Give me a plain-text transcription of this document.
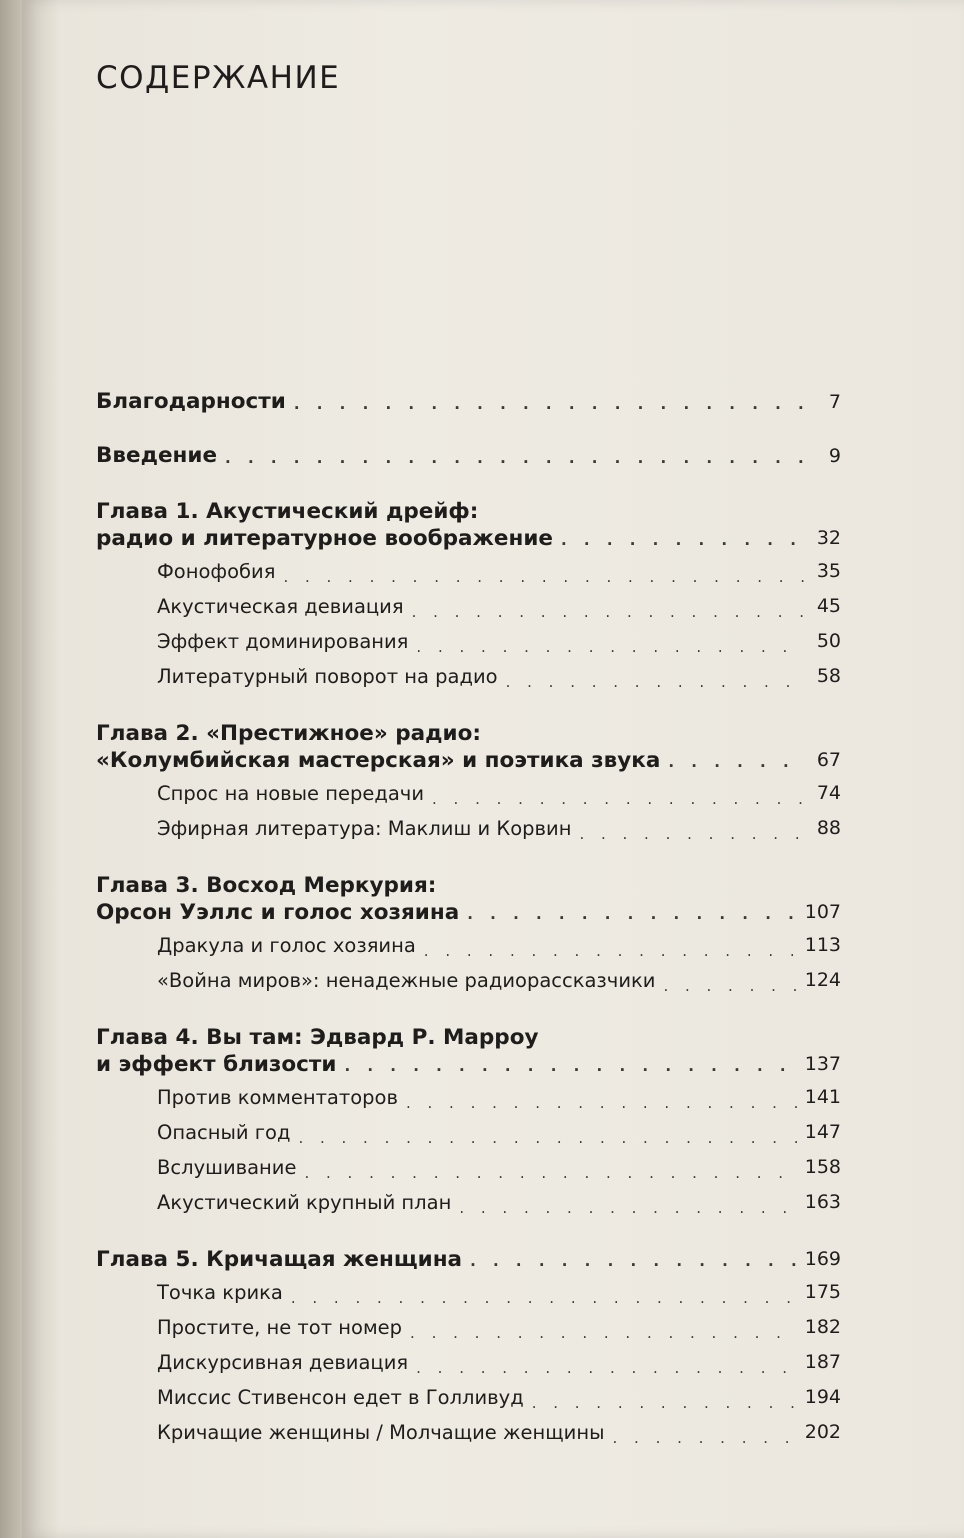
СОДЕРЖАНИЕ
Благодарности . . .	7
Введение . . .	9
Глава 1. Акустический дрейф:
радио и литературное воображение . . .	32
Фонофобия . . .	35
Акустическая девиация . . .	45
Эффект доминирования . . .	50
Литературный поворот на радио . . .	58
Глава 2. «Престижное» радио:
«Колумбийская мастерская» и поэтика звука . . .	67
Спрос на новые передачи . . .	74
Эфирная литература: Маклиш и Корвин . . .	88
Глава 3. Восход Меркурия:
Орсон Уэллс и голос хозяина . . .	107
Дракула и голос хозяина . . .	113
«Война миров»: ненадежные радиорассказчики . . .	124
Глава 4. Вы там: Эдвард Р. Марроу
и эффект близости . . .	137
Против комментаторов . . .	141
Опасный год . . .	147
Вслушивание . . .	158
Акустический крупный план . . .	163
Глава 5. Кричащая женщина . . .	169
Точка крика . . .	175
Простите, не тот номер . . .	182
Дискурсивная девиация . . .	187
Миссис Стивенсон едет в Голливуд . . .	194
Кричащие женщины / Молчащие женщины . . .	202
